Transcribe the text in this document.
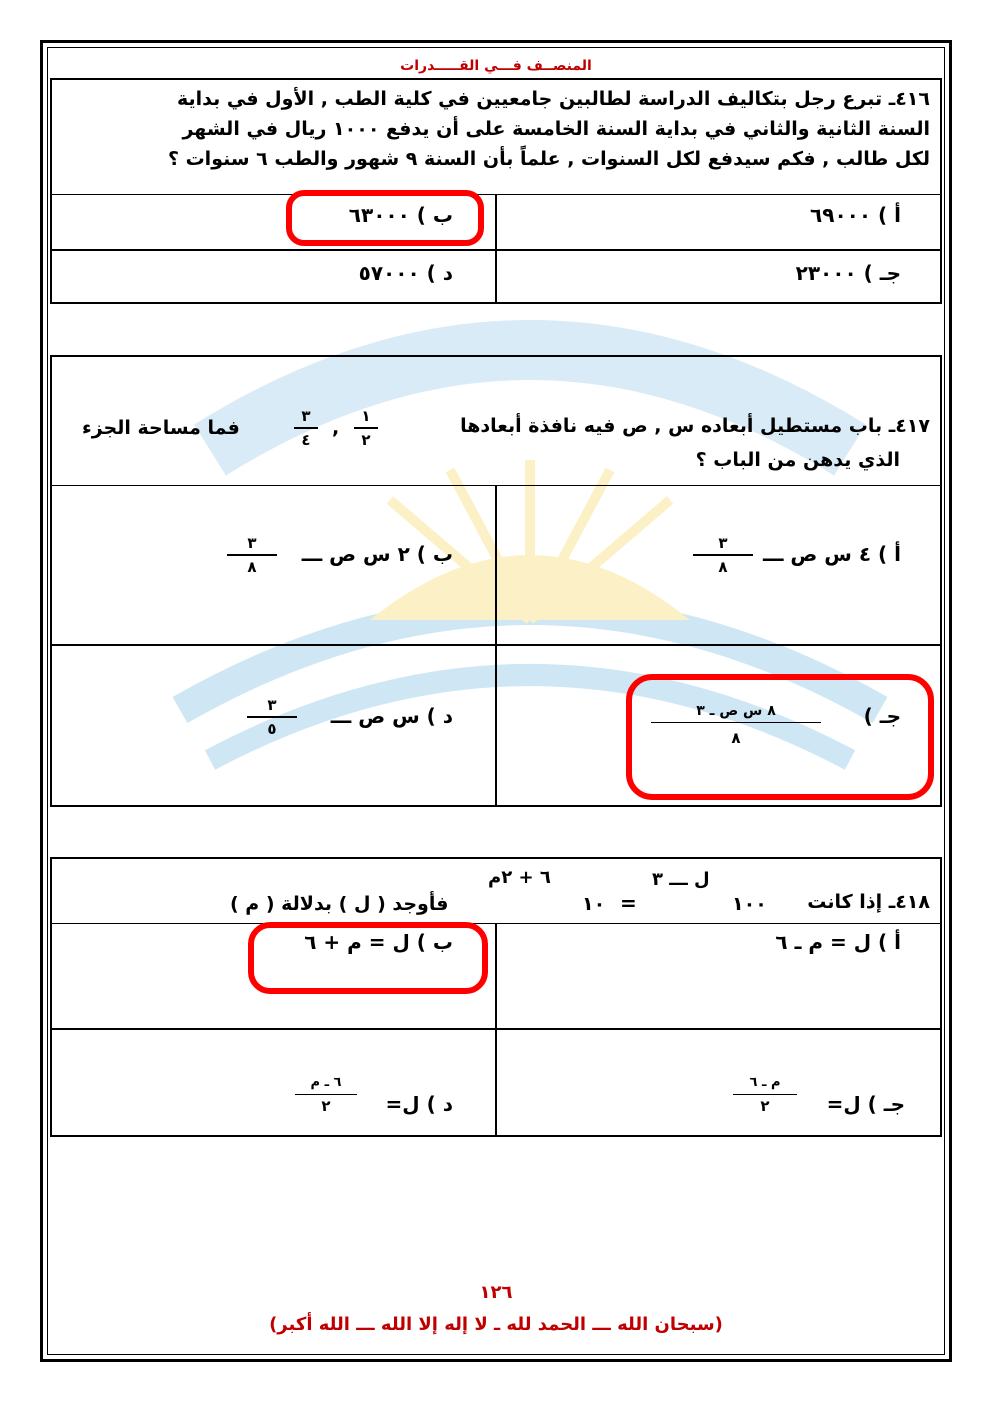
المنصــف فـــي القـــــدرات
٤١٦ـ تبرع رجل بتكاليف الدراسة لطالبين جامعيين في كلية الطب , الأول في بداية
السنة الثانية والثاني في بداية السنة الخامسة على أن يدفع ١٠٠٠ ريال في الشهر
لكل طالب , فكم سيدفع لكل السنوات , علماً بأن السنة ٩ شهور والطب ٦ سنوات ؟
أ ) ٦٩٠٠٠
ب ) ٦٣٠٠٠
جـ ) ٢٣٠٠٠
د ) ٥٧٠٠٠
٤١٧ـ باب مستطيل أبعاده س , ص فيه نافذة أبعادها
١
٢
,
٣
٤
فما مساحة الجزء
الذي يدهن من الباب ؟
أ ) ٤ س ص ـــ
٣
٨
ب ) ٢ س ص ـــ
٣
٨
جـ )
٨ س ص ـ ٣
٨
د ) س ص ـــ
٣
٥
٤١٨ـ إذا كانت
١٠٠
ل ـــ ٣
=
١٠
٦ + ٢م
فأوجد ( ل ) بدلالة ( م )
أ ) ل = م ـ ٦
ب ) ل = م + ٦
جـ ) ل=
م ـ ٦
٢
د ) ل=
٦ ـ م
٢
١٢٦
(سبحان الله ـــ الحمد لله ـ لا إله إلا الله ـــ الله أكبر)
